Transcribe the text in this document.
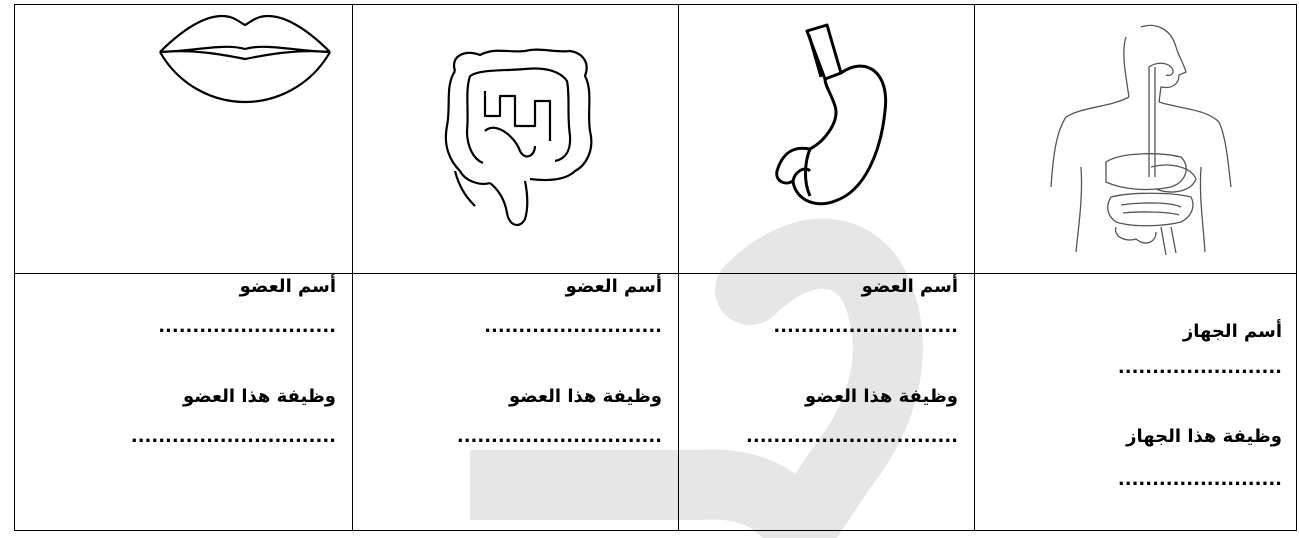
أسم الجهاز
........................
وظيفة هذا الجهاز
........................	أسم العضو
...........................
وظيفة هذا العضو
...............................	أسم العضو
..........................
وظيفة هذا العضو
..............................	أسم العضو
..........................
وظيفة هذا العضو
..............................
